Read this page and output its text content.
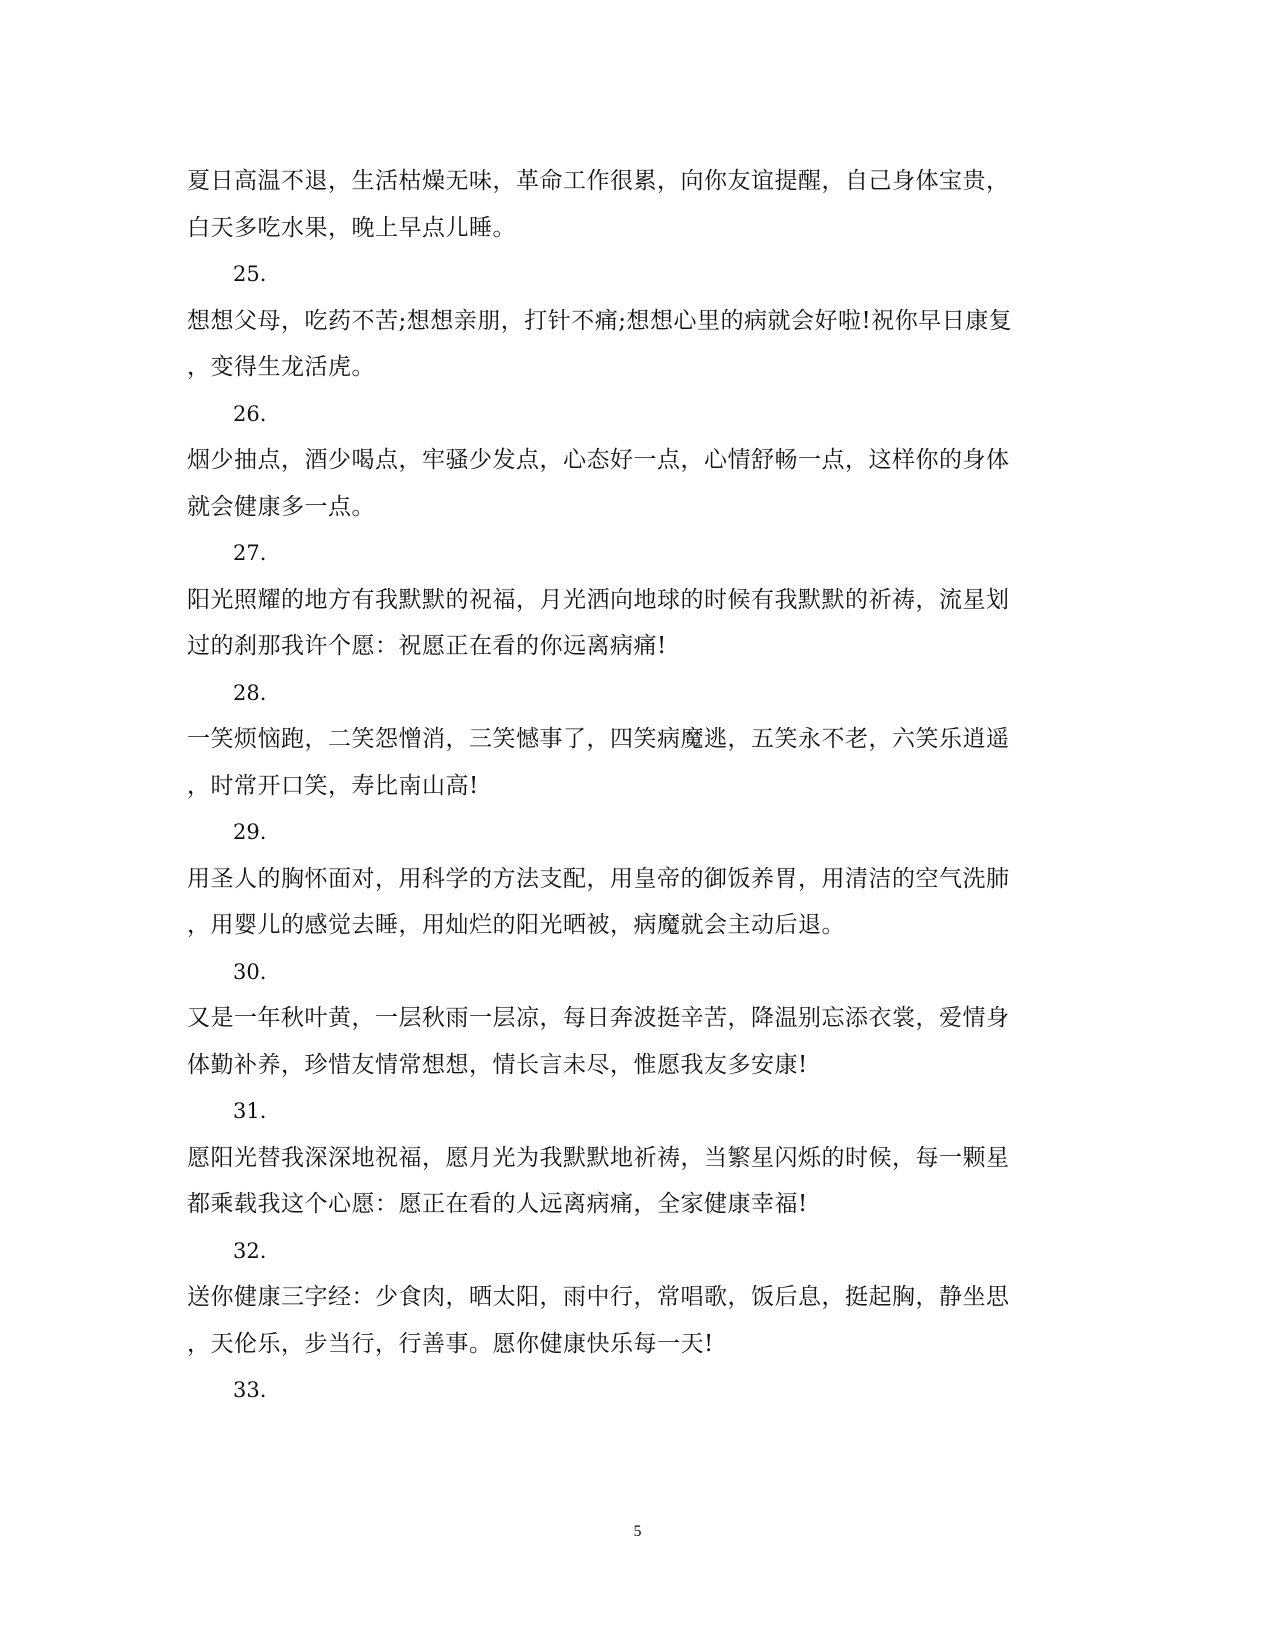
夏日高温不退，生活枯燥无味，革命工作很累，向你友谊提醒，自己身体宝贵，
白天多吃水果，晚上早点儿睡。

25.

想想父母，吃药不苦;想想亲朋，打针不痛;想想心里的病就会好啦!祝你早日康复
，变得生龙活虎。

26.

烟少抽点，酒少喝点，牢骚少发点，心态好一点，心情舒畅一点，这样你的身体
就会健康多一点。

27.

阳光照耀的地方有我默默的祝福，月光洒向地球的时候有我默默的祈祷，流星划
过的刹那我许个愿：祝愿正在看的你远离病痛!

28.

一笑烦恼跑，二笑怨憎消，三笑憾事了，四笑病魔逃，五笑永不老，六笑乐逍遥
，时常开口笑，寿比南山高!

29.

用圣人的胸怀面对，用科学的方法支配，用皇帝的御饭养胃，用清洁的空气洗肺
，用婴儿的感觉去睡，用灿烂的阳光晒被，病魔就会主动后退。

30.

又是一年秋叶黄，一层秋雨一层凉，每日奔波挺辛苦，降温别忘添衣裳，爱情身
体勤补养，珍惜友情常想想，情长言未尽，惟愿我友多安康!

31.

愿阳光替我深深地祝福，愿月光为我默默地祈祷，当繁星闪烁的时候，每一颗星
都乘载我这个心愿：愿正在看的人远离病痛，全家健康幸福!

32.

送你健康三字经：少食肉，晒太阳，雨中行，常唱歌，饭后息，挺起胸，静坐思
，天伦乐，步当行，行善事。愿你健康快乐每一天!

33.

5
